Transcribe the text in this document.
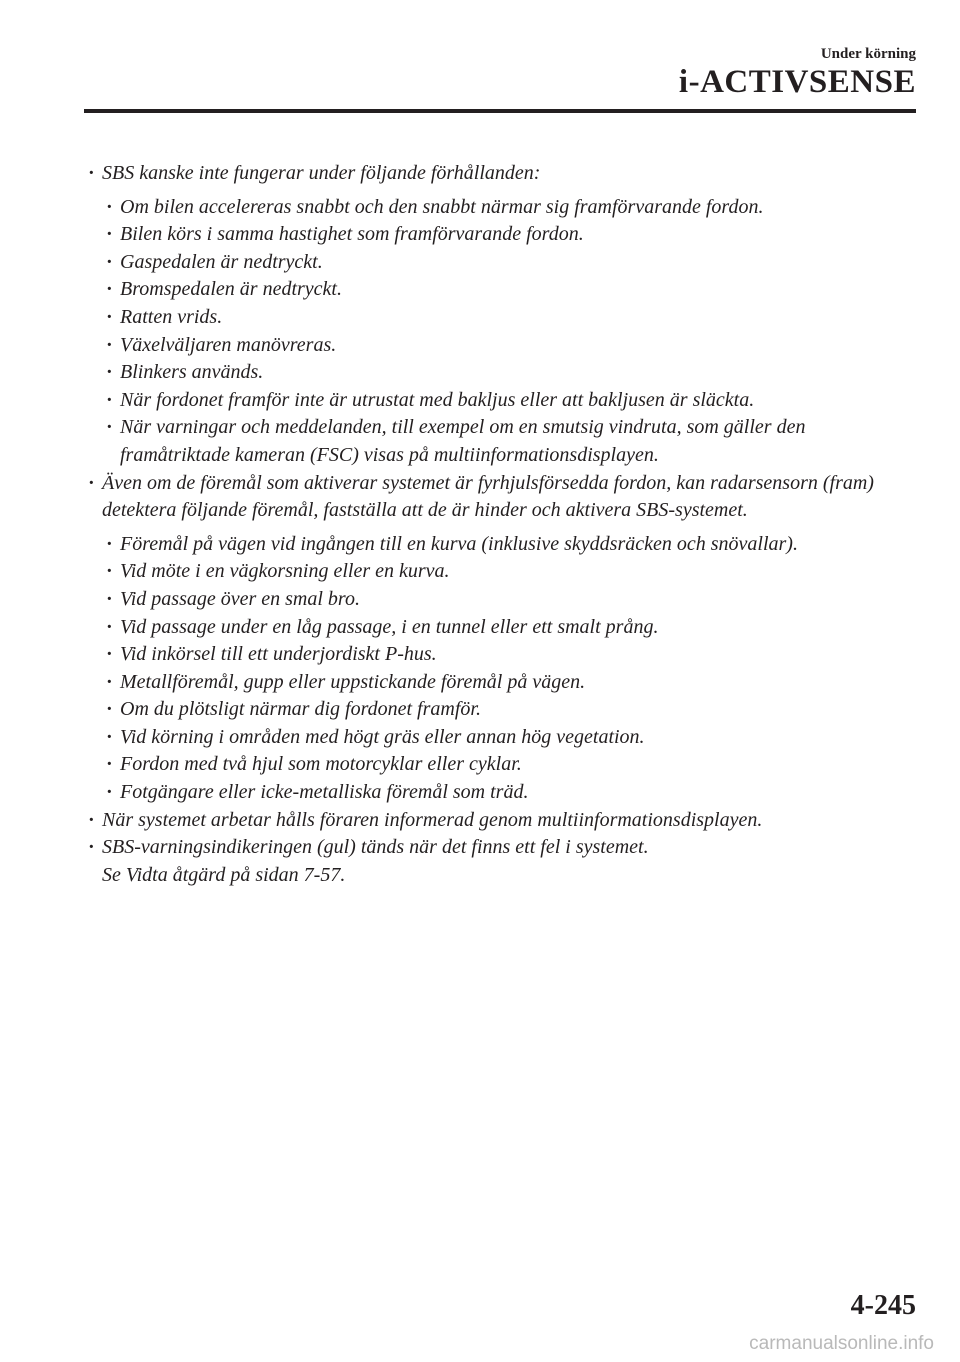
Under körning
i-ACTIVSENSE
· SBS kanske inte fungerar under följande förhållanden:
· Om bilen accelereras snabbt och den snabbt närmar sig framförvarande fordon.
· Bilen körs i samma hastighet som framförvarande fordon.
· Gaspedalen är nedtryckt.
· Bromspedalen är nedtryckt.
· Ratten vrids.
· Växelväljaren manövreras.
· Blinkers används.
· När fordonet framför inte är utrustat med bakljus eller att bakljusen är släckta.
· När varningar och meddelanden, till exempel om en smutsig vindruta, som gäller den framåtriktade kameran (FSC) visas på multiinformationsdisplayen.
· Även om de föremål som aktiverar systemet är fyrhjulsförsedda fordon, kan radarsensorn (fram) detektera följande föremål, fastställa att de är hinder och aktivera SBS-systemet.
· Föremål på vägen vid ingången till en kurva (inklusive skyddsräcken och snövallar).
· Vid möte i en vägkorsning eller en kurva.
· Vid passage över en smal bro.
· Vid passage under en låg passage, i en tunnel eller ett smalt prång.
· Vid inkörsel till ett underjordiskt P-hus.
· Metallföremål, gupp eller uppstickande föremål på vägen.
· Om du plötsligt närmar dig fordonet framför.
· Vid körning i områden med högt gräs eller annan hög vegetation.
· Fordon med två hjul som motorcyklar eller cyklar.
· Fotgängare eller icke-metalliska föremål som träd.
· När systemet arbetar hålls föraren informerad genom multiinformationsdisplayen.
· SBS-varningsindikeringen (gul) tänds när det finns ett fel i systemet.
Se Vidta åtgärd på sidan 7-57.
4-245
carmanualsonline.info
